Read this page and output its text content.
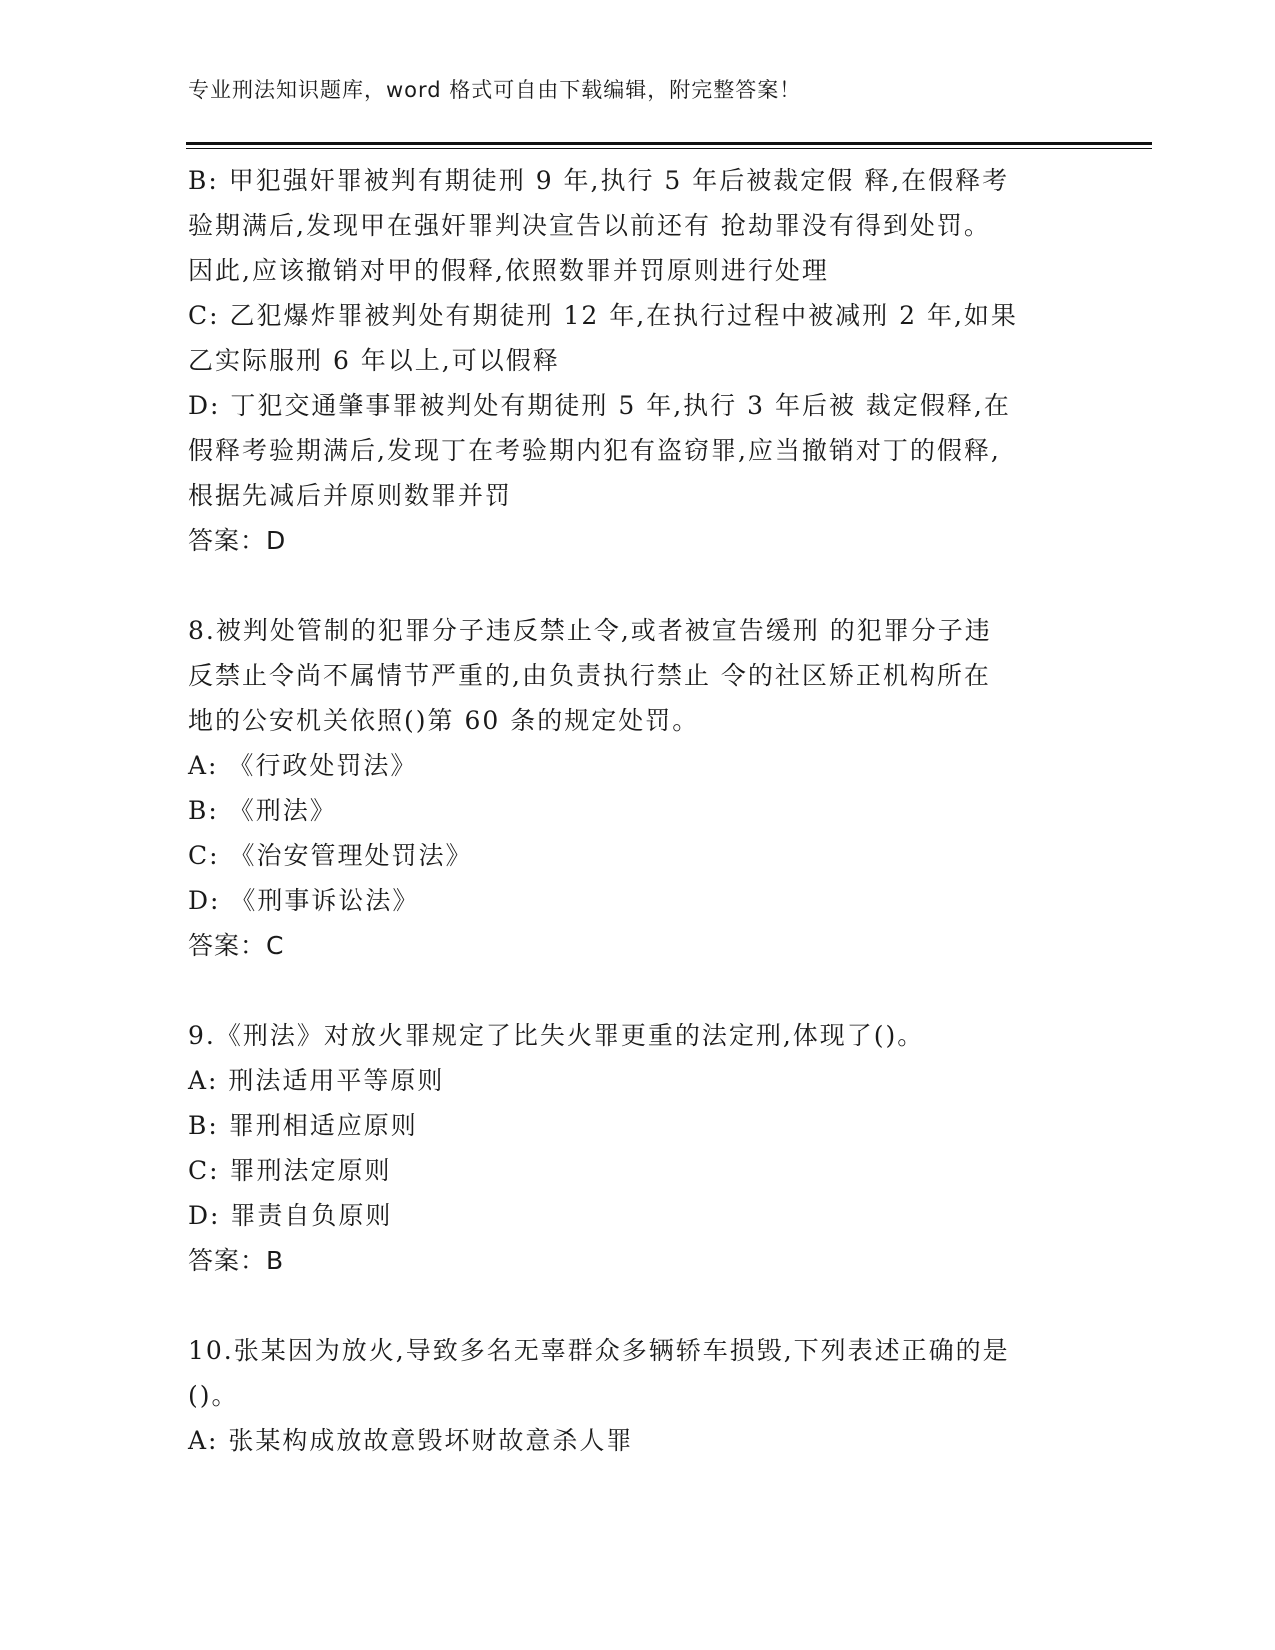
专业刑法知识题库，word 格式可自由下载编辑，附完整答案！
B: 甲犯强奸罪被判有期徒刑 9 年,执行 5 年后被裁定假 释,在假释考
验期满后,发现甲在强奸罪判决宣告以前还有 抢劫罪没有得到处罚。
因此,应该撤销对甲的假释,依照数罪并罚原则进行处理
C: 乙犯爆炸罪被判处有期徒刑 12 年,在执行过程中被减刑 2 年,如果
乙实际服刑 6 年以上,可以假释
D: 丁犯交通肇事罪被判处有期徒刑 5 年,执行 3 年后被 裁定假释,在
假释考验期满后,发现丁在考验期内犯有盗窃罪,应当撤销对丁的假释,
根据先减后并原则数罪并罚
答案：D
8.被判处管制的犯罪分子违反禁止令,或者被宣告缓刑 的犯罪分子违
反禁止令尚不属情节严重的,由负责执行禁止 令的社区矫正机构所在
地的公安机关依照()第 60 条的规定处罚。
A: 《行政处罚法》
B: 《刑法》
C: 《治安管理处罚法》
D: 《刑事诉讼法》
答案：C
9.《刑法》对放火罪规定了比失火罪更重的法定刑,体现了()。
A: 刑法适用平等原则
B: 罪刑相适应原则
C: 罪刑法定原则
D: 罪责自负原则
答案：B
10.张某因为放火,导致多名无辜群众多辆轿车损毁,下列表述正确的是
()。
A: 张某构成放故意毁坏财故意杀人罪
